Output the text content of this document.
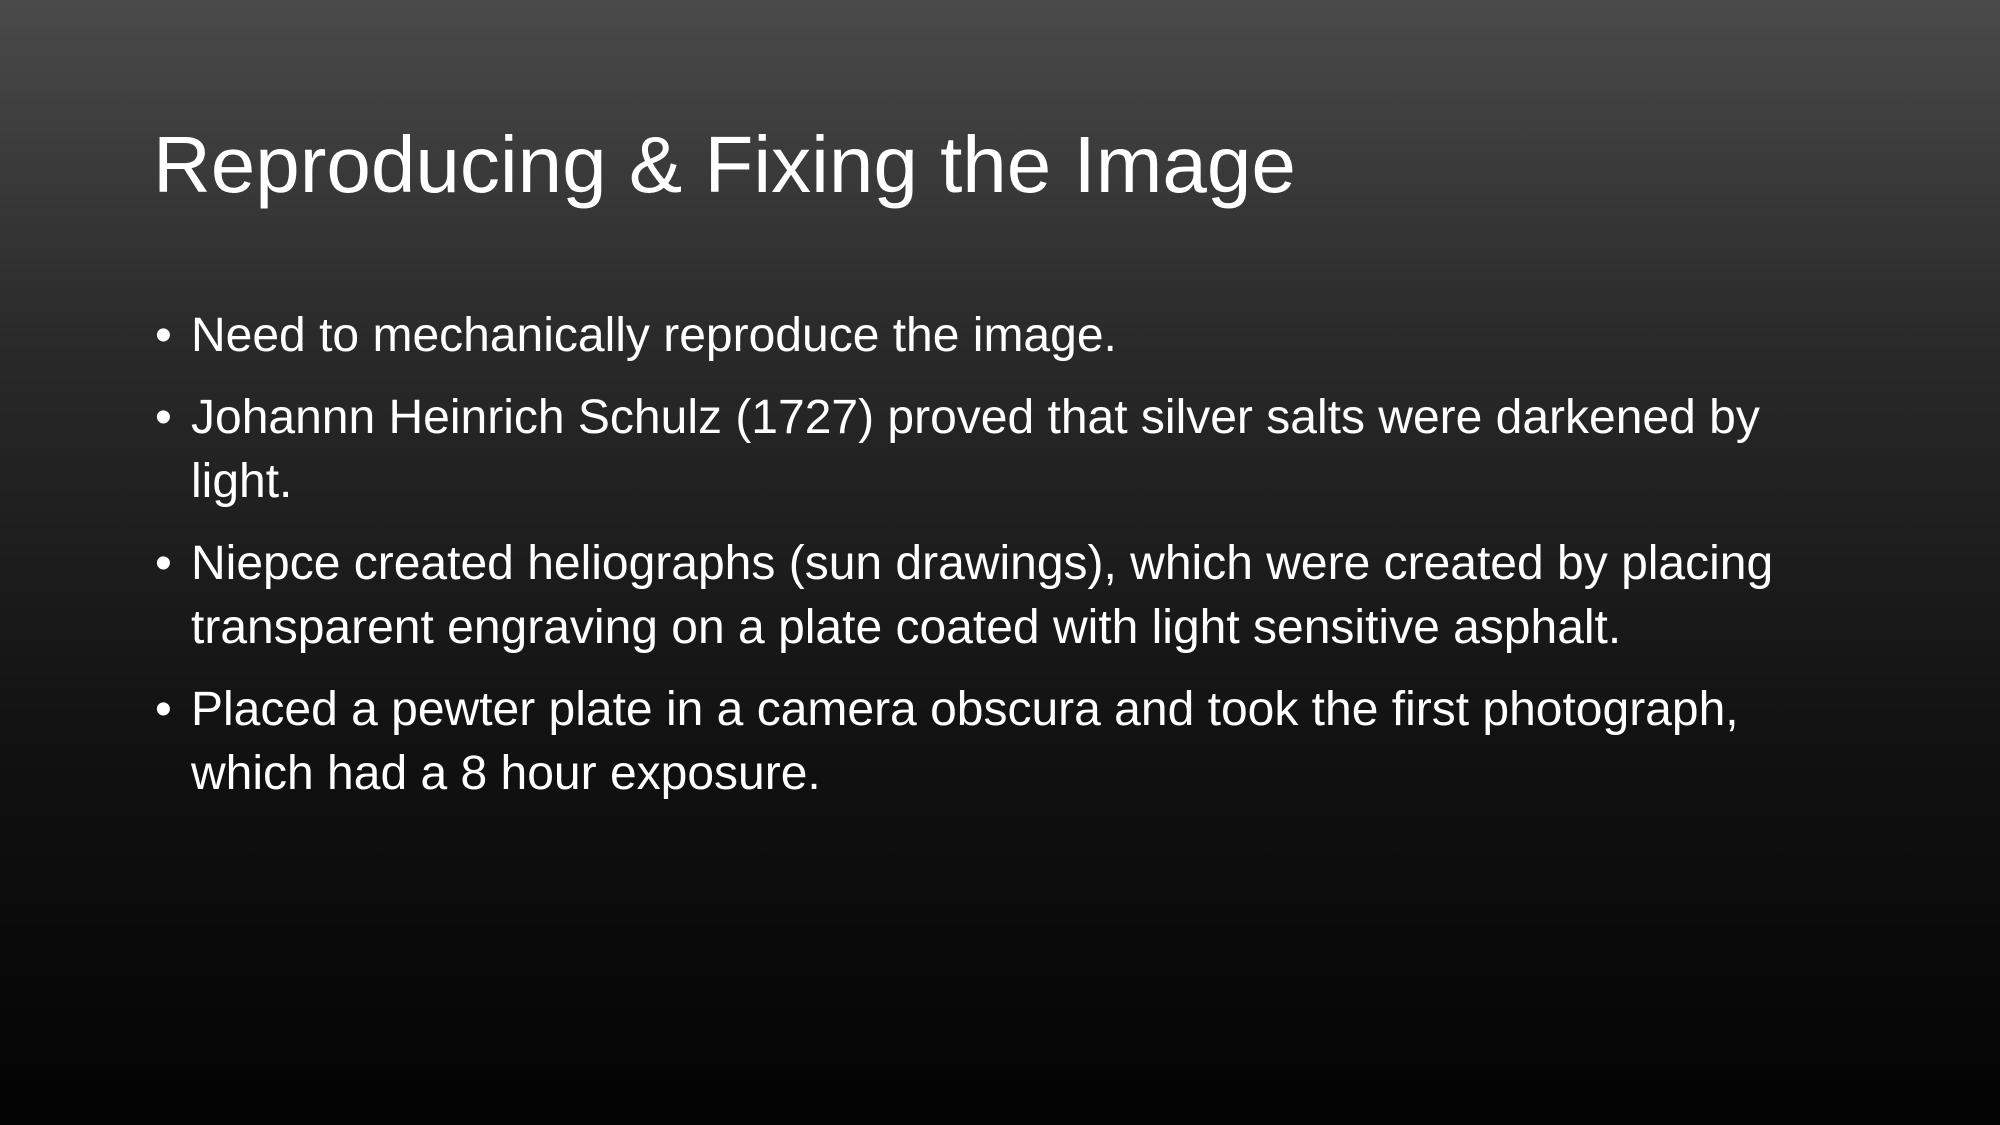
Reproducing & Fixing the Image
• Need to mechanically reproduce the image.
• Johannn Heinrich Schulz (1727) proved that silver salts were darkened by light.
• Niepce created heliographs (sun drawings), which were created by placing transparent engraving on a plate coated with light sensitive asphalt.
• Placed a pewter plate in a camera obscura and took the first photograph, which had a 8 hour exposure.
